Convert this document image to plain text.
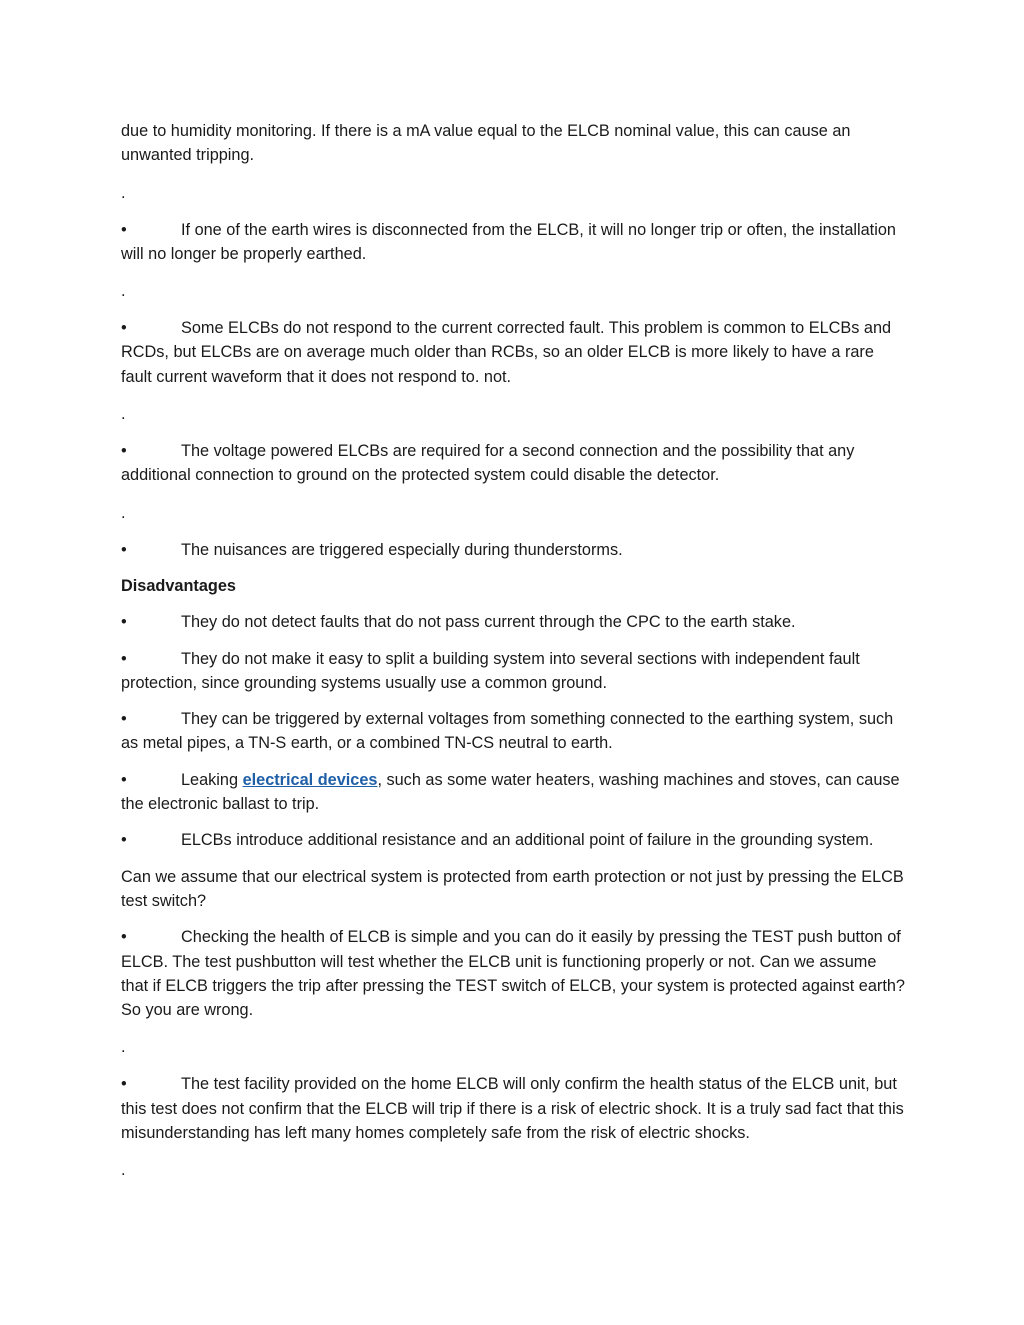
due to humidity monitoring. If there is a mA value equal to the ELCB nominal value, this can cause an unwanted tripping.

.

•	If one of the earth wires is disconnected from the ELCB, it will no longer trip or often, the installation will no longer be properly earthed.

.

•	Some ELCBs do not respond to the current corrected fault. This problem is common to ELCBs and RCDs, but ELCBs are on average much older than RCBs, so an older ELCB is more likely to have a rare fault current waveform that it does not respond to. not.

.

•	The voltage powered ELCBs are required for a second connection and the possibility that any additional connection to ground on the protected system could disable the detector.

.

•	The nuisances are triggered especially during thunderstorms.

Disadvantages

•	They do not detect faults that do not pass current through the CPC to the earth stake.

•	They do not make it easy to split a building system into several sections with independent fault protection, since grounding systems usually use a common ground.

•	They can be triggered by external voltages from something connected to the earthing system, such as metal pipes, a TN-S earth, or a combined TN-CS neutral to earth.

•	Leaking electrical devices, such as some water heaters, washing machines and stoves, can cause the electronic ballast to trip.

•	ELCBs introduce additional resistance and an additional point of failure in the grounding system.

Can we assume that our electrical system is protected from earth protection or not just by pressing the ELCB test switch?

•	Checking the health of ELCB is simple and you can do it easily by pressing the TEST push button of ELCB. The test pushbutton will test whether the ELCB unit is functioning properly or not. Can we assume that if ELCB triggers the trip after pressing the TEST switch of ELCB, your system is protected against earth? So you are wrong.

.

•	The test facility provided on the home ELCB will only confirm the health status of the ELCB unit, but this test does not confirm that the ELCB will trip if there is a risk of electric shock. It is a truly sad fact that this misunderstanding has left many homes completely safe from the risk of electric shocks.

.
